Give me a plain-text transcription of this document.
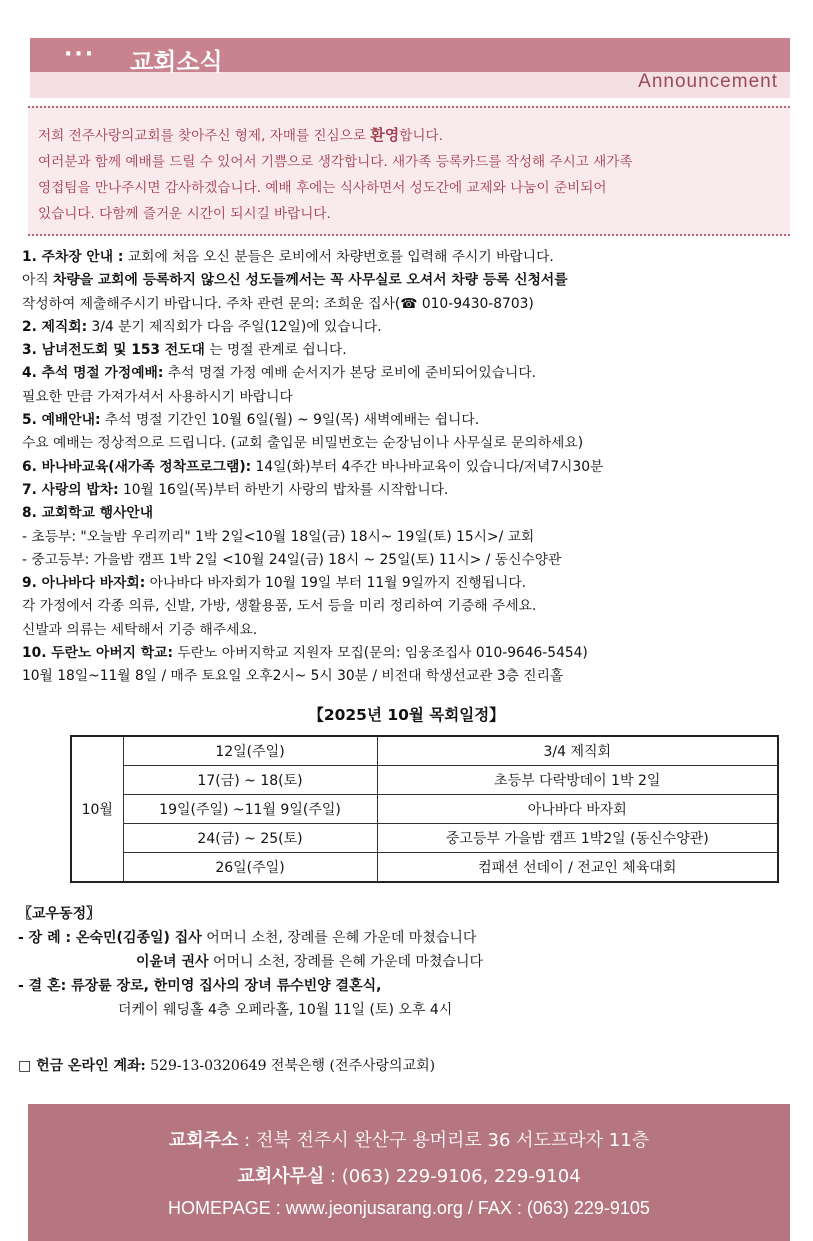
··· 교회소식
Announcement

저희 전주사랑의교회를 찾아주신 형제, 자매를 진심으로 환영합니다.

여러분과 함께 예배를 드릴 수 있어서 기쁨으로 생각합니다. 새가족 등록카드를 작성해 주시고 새가족

영접팀을 만나주시면 감사하겠습니다. 예배 후에는 식사하면서 성도간에 교제와 나눔이 준비되어

있습니다. 다함께 즐거운 시간이 되시길 바랍니다.

1. 주차장 안내 : 교회에 처음 오신 분들은 로비에서 차량번호를 입력해 주시기 바랍니다.
아직 차량을 교회에 등록하지 않으신 성도들께서는 꼭 사무실로 오셔서 차량 등록 신청서를
작성하여 제출해주시기 바랍니다. 주차 관련 문의: 조희운 집사(☎ 010-9430-8703)
2. 제직회: 3/4 분기 제직회가 다음 주일(12일)에 있습니다.
3. 남녀전도회 및 153 전도대 는 명절 관계로 쉽니다.
4. 추석 명절 가정예배: 추석 명절 가정 예배 순서지가 본당 로비에 준비되어있습니다.
필요한 만큼 가져가셔서 사용하시기 바랍니다
5. 예배안내: 추석 명절 기간인 10월 6일(월) ~ 9일(목) 새벽예배는 쉽니다.
수요 예배는 정상적으로 드립니다. (교회 출입문 비밀번호는 순장님이나 사무실로 문의하세요)
6. 바나바교육(새가족 정착프로그램): 14일(화)부터 4주간 바나바교육이 있습니다/저녁7시30분
7. 사랑의 밥차: 10월 16일(목)부터 하반기 사랑의 밥차를 시작합니다.
8. 교회학교 행사안내
- 초등부: "오늘밤 우리끼리" 1박 2일<10월 18일(금) 18시~ 19일(토) 15시>/ 교회
- 중고등부: 가을밤 캠프 1박 2일 <10월 24일(금) 18시 ~ 25일(토) 11시> / 동신수양관
9. 아나바다 바자회: 아나바다 바자회가 10월 19일 부터 11월 9일까지 진행됩니다.
각 가정에서 각종 의류, 신발, 가방, 생활용품, 도서 등을 미리 정리하여 기증해 주세요.
신발과 의류는 세탁해서 기증 해주세요.
10. 두란노 아버지 학교: 두란노 아버지학교 지원자 모집(문의: 임웅조집사 010-9646-5454)
10월 18일~11월 8일 / 매주 토요일 오후2시~ 5시 30분 / 비전대 학생선교관 3층 진리홀
【2025년 10월 목회일정】
10월	12일(주일)	3/4 제직회
	17(금) ~ 18(토)	초등부 다락방데이 1박 2일
	19일(주일) ~11월 9일(주일)	아나바다 바자회
	24(금) ~ 25(토)	중고등부 가을밤 캠프 1박2일 (동신수양관)
	26일(주일)	컴패션 선데이 / 전교인 체육대회
〖교우동정〗
- 장 례 : 온숙민(김종일) 집사 어머니 소천, 장례를 은혜 가운데 마쳤습니다
이윤녀 권사 어머니 소천, 장례를 은혜 가운데 마쳤습니다
- 결 혼: 류장륜 장로, 한미영 집사의 장녀 류수빈양 결혼식,
더케이 웨딩홀 4층 오페라홀, 10월 11일 (토) 오후 4시
□ 헌금 온라인 계좌: 529-13-0320649 전북은행 (전주사랑의교회)
교회주소 : 전북 전주시 완산구 용머리로 36 서도프라자 11층
교회사무실 : (063) 229-9106, 229-9104
HOMEPAGE : www.jeonjusarang.org / FAX : (063) 229-9105
